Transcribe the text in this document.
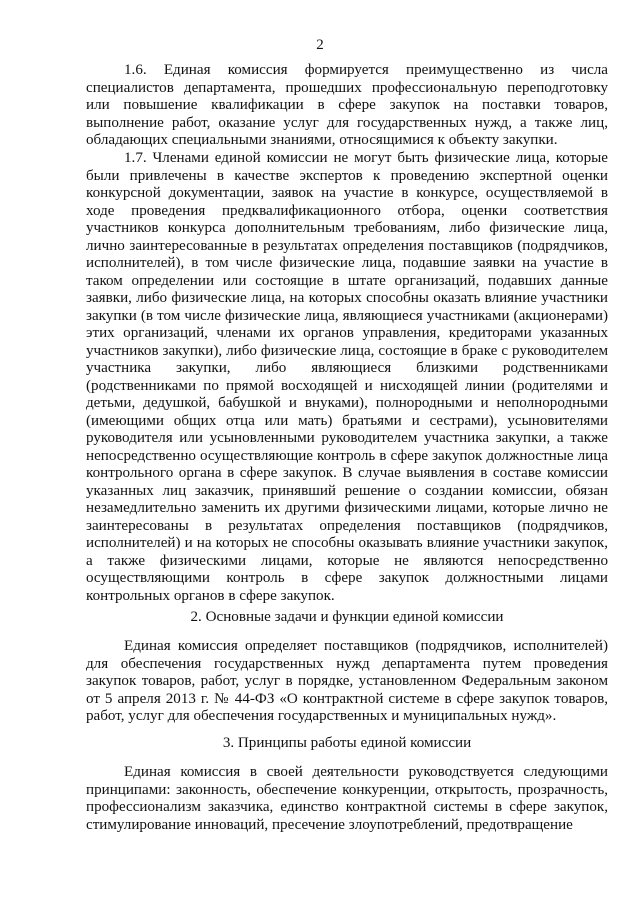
2

1.6. Единая комиссия формируется преимущественно из числа специалистов департамента, прошедших профессиональную переподготовку или повышение квалификации в сфере закупок на поставки товаров, выполнение работ, оказание услуг для государственных нужд, а также лиц, обладающих специальными знаниями, относящимися к объекту закупки.

1.7. Членами единой комиссии не могут быть физические лица, которые были привлечены в качестве экспертов к проведению экспертной оценки конкурсной документации, заявок на участие в конкурсе, осуществляемой в ходе проведения предквалификационного отбора, оценки соответствия участников конкурса дополнительным требованиям, либо физические лица, лично заинтересованные в результатах определения поставщиков (подрядчиков, исполнителей), в том числе физические лица, подавшие заявки на участие в таком определении или состоящие в штате организаций, подавших данные заявки, либо физические лица, на которых способны оказать влияние участники закупки (в том числе физические лица, являющиеся участниками (акционерами) этих организаций, членами их органов управления, кредиторами указанных участников закупки), либо физические лица, состоящие в браке с руководителем участника закупки, либо являющиеся близкими родственниками (родственниками по прямой восходящей и нисходящей линии (родителями и детьми, дедушкой, бабушкой и внуками), полнородными и неполнородными (имеющими общих отца или мать) братьями и сестрами), усыновителями руководителя или усыновленными руководителем участника закупки, а также непосредственно осуществляющие контроль в сфере закупок должностные лица контрольного органа в сфере закупок. В случае выявления в составе комиссии указанных лиц заказчик, принявший решение о создании комиссии, обязан незамедлительно заменить их другими физическими лицами, которые лично не заинтересованы в результатах определения поставщиков (подрядчиков, исполнителей) и на которых не способны оказывать влияние участники закупок, а также физическими лицами, которые не являются непосредственно осуществляющими контроль в сфере закупок должностными лицами контрольных органов в сфере закупок.

2. Основные задачи и функции единой комиссии

Единая комиссия определяет поставщиков (подрядчиков, исполнителей) для обеспечения государственных нужд департамента путем проведения закупок товаров, работ, услуг в порядке, установленном Федеральным законом от 5 апреля 2013 г. № 44-ФЗ «О контрактной системе в сфере закупок товаров, работ, услуг для обеспечения государственных и муниципальных нужд».

3. Принципы работы единой комиссии

Единая комиссия в своей деятельности руководствуется следующими принципами: законность, обеспечение конкуренции, открытость, прозрачность, профессионализм заказчика, единство контрактной системы в сфере закупок, стимулирование инноваций, пресечение злоупотреблений, предотвращение
